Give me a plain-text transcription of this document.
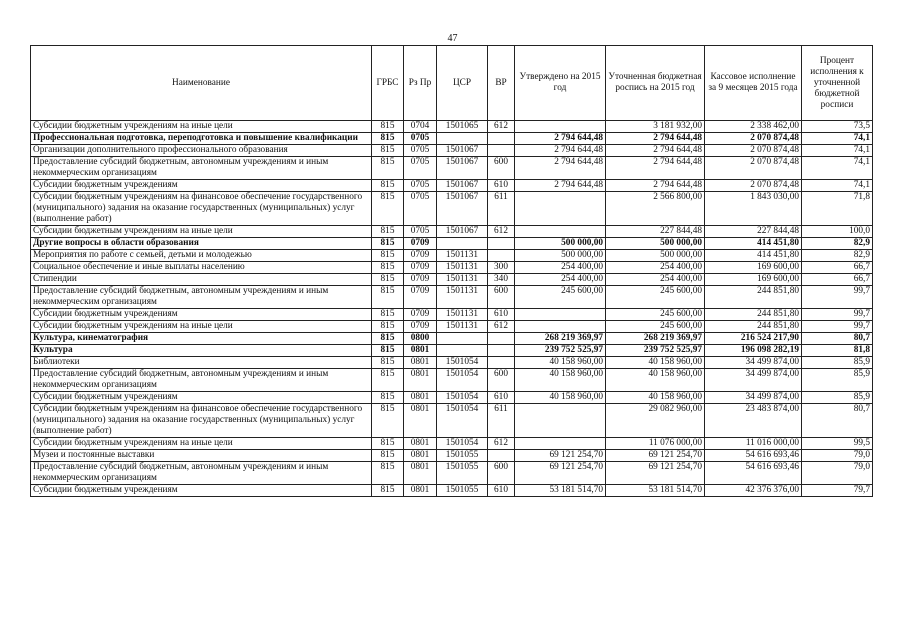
47
Наименование	ГРБС	Рз Пр	ЦСР	ВР	Утверждено на 2015 год	Уточненная бюджетная роспись на 2015 год	Кассовое исполнение за 9 месяцев 2015 года	Процент исполнения к уточненной бюджетной росписи
Субсидии бюджетным учреждениям на иные цели	815	0704	1501065	612		3 181 932,00	2 338 462,00	73,5
Профессиональная подготовка, переподготовка и повышение квалификации	815	0705			2 794 644,48	2 794 644,48	2 070 874,48	74,1
Организации дополнительного профессионального образования	815	0705	1501067		2 794 644,48	2 794 644,48	2 070 874,48	74,1
Предоставление субсидий бюджетным, автономным учреждениям и иным некоммерческим организациям	815	0705	1501067	600	2 794 644,48	2 794 644,48	2 070 874,48	74,1
Субсидии бюджетным учреждениям	815	0705	1501067	610	2 794 644,48	2 794 644,48	2 070 874,48	74,1
Субсидии бюджетным учреждениям на финансовое обеспечение государственного (муниципального) задания на оказание государственных (муниципальных) услуг (выполнение работ)	815	0705	1501067	611		2 566 800,00	1 843 030,00	71,8
Субсидии бюджетным учреждениям на иные цели	815	0705	1501067	612		227 844,48	227 844,48	100,0
Другие вопросы в области образования	815	0709			500 000,00	500 000,00	414 451,80	82,9
Мероприятия по работе с семьей, детьми и молодежью	815	0709	1501131		500 000,00	500 000,00	414 451,80	82,9
Социальное обеспечение и иные выплаты населению	815	0709	1501131	300	254 400,00	254 400,00	169 600,00	66,7
Стипендии	815	0709	1501131	340	254 400,00	254 400,00	169 600,00	66,7
Предоставление субсидий бюджетным, автономным учреждениям и иным некоммерческим организациям	815	0709	1501131	600	245 600,00	245 600,00	244 851,80	99,7
Субсидии бюджетным учреждениям	815	0709	1501131	610		245 600,00	244 851,80	99,7
Субсидии бюджетным учреждениям на иные цели	815	0709	1501131	612		245 600,00	244 851,80	99,7
Культура, кинематография	815	0800			268 219 369,97	268 219 369,97	216 524 217,90	80,7
Культура	815	0801			239 752 525,97	239 752 525,97	196 098 282,19	81,8
Библиотеки	815	0801	1501054		40 158 960,00	40 158 960,00	34 499 874,00	85,9
Предоставление субсидий бюджетным, автономным учреждениям и иным некоммерческим организациям	815	0801	1501054	600	40 158 960,00	40 158 960,00	34 499 874,00	85,9
Субсидии бюджетным учреждениям	815	0801	1501054	610	40 158 960,00	40 158 960,00	34 499 874,00	85,9
Субсидии бюджетным учреждениям на финансовое обеспечение государственного (муниципального) задания на оказание государственных (муниципальных) услуг (выполнение работ)	815	0801	1501054	611		29 082 960,00	23 483 874,00	80,7
Субсидии бюджетным учреждениям на иные цели	815	0801	1501054	612		11 076 000,00	11 016 000,00	99,5
Музеи и постоянные выставки	815	0801	1501055		69 121 254,70	69 121 254,70	54 616 693,46	79,0
Предоставление субсидий бюджетным, автономным учреждениям и иным некоммерческим организациям	815	0801	1501055	600	69 121 254,70	69 121 254,70	54 616 693,46	79,0
Субсидии бюджетным учреждениям	815	0801	1501055	610	53 181 514,70	53 181 514,70	42 376 376,00	79,7
